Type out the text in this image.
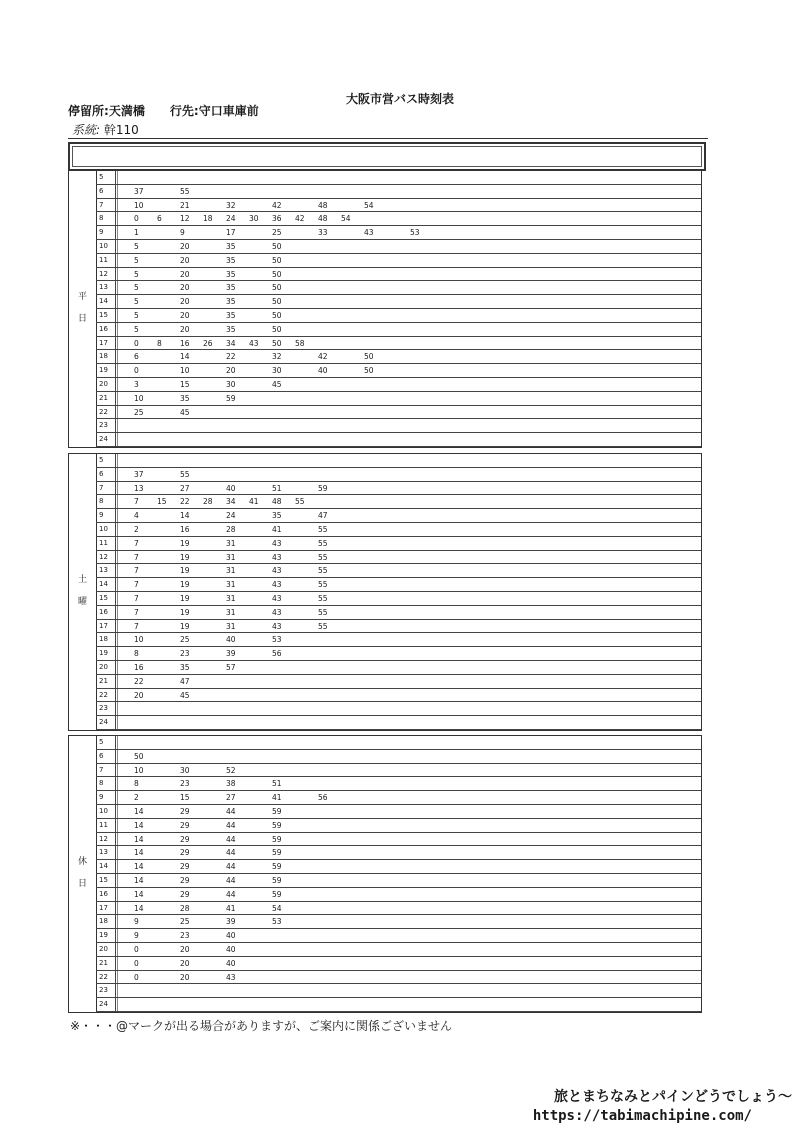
大阪市営バス時刻表
停留所:天満橋 行先:守口車庫前
系統: 幹110
平
日
5
6	37	55
7	10	21	32	42	48	54
8	0 6 12 18 24 30 36 42 48 54
9	1	9	17	25	33	43	53
10	5	20	35	50
11	5	20	35	50
12	5	20	35	50
13	5	20	35	50
14	5	20	35	50
15	5	20	35	50
16	5	20	35	50
17	0 8 16 26 34 43 50 58
18	6	14	22	32	42	50
19	0	10	20	30	40	50
20	3	15	30	45
21	10	35	59
22	25	45
23
24
土
曜
5
6	37	55
7	13	27	40	51	59
8	7 15 22 28 34 41 48 55
9	4	14	24	35	47
10	2	16	28	41	55
11	7	19	31	43	55
12	7	19	31	43	55
13	7	19	31	43	55
14	7	19	31	43	55
15	7	19	31	43	55
16	7	19	31	43	55
17	7	19	31	43	55
18	10	25	40	53
19	8	23	39	56
20	16	35	57
21	22	47
22	20	45
23
24
休
日
5
6	50
7	10	30	52
8	8	23	38	51
9	2	15	27	41	56
10	14	29	44	59
11	14	29	44	59
12	14	29	44	59
13	14	29	44	59
14	14	29	44	59
15	14	29	44	59
16	14	29	44	59
17	14	28	41	54
18	9	25	39	53
19	9	23	40
20	0	20	40
21	0	20	40
22	0	20	43
23
24
※・・・@マークが出る場合がありますが、ご案内に関係ございません
旅とまちなみとパインどうでしょう～
https://tabimachipine.com/
